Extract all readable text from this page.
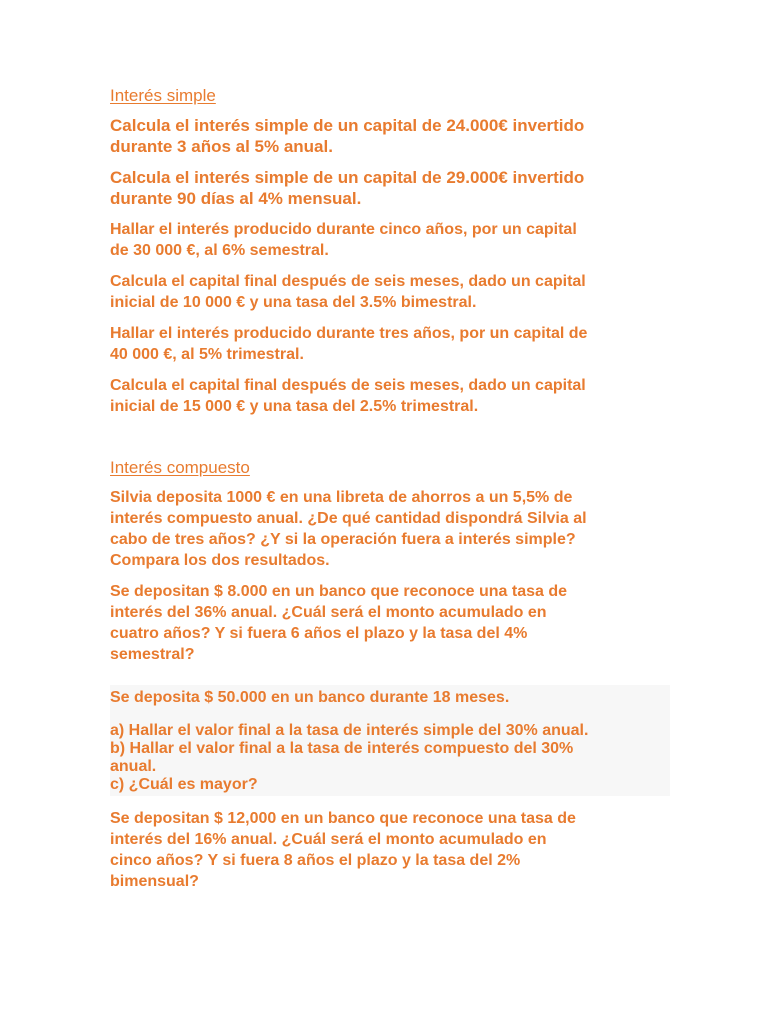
Interés simple
Calcula el interés simple de un capital de 24.000€ invertido
durante 3 años al 5% anual.
Calcula el interés simple de un capital de 29.000€ invertido
durante 90 días al 4% mensual.
Hallar el interés producido durante cinco años, por un capital
de 30 000 €, al 6% semestral.
Calcula el capital final después de seis meses, dado un capital
inicial de 10 000 € y una tasa del 3.5% bimestral.
Hallar el interés producido durante tres años, por un capital de
40 000 €, al 5% trimestral.
Calcula el capital final después de seis meses, dado un capital
inicial de 15 000 € y una tasa del 2.5% trimestral.
Interés compuesto
Silvia deposita 1000 € en una libreta de ahorros a un 5,5% de
interés compuesto anual. ¿De qué cantidad dispondrá Silvia al
cabo de tres años? ¿Y si la operación fuera a interés simple?
Compara los dos resultados.
Se depositan $ 8.000 en un banco que reconoce una tasa de
interés del 36% anual. ¿Cuál será el monto acumulado en
cuatro años? Y si fuera 6 años el plazo y la tasa del 4%
semestral?
Se deposita $ 50.000 en un banco durante 18 meses.
a) Hallar el valor final a la tasa de interés simple del 30% anual.
b) Hallar el valor final a la tasa de interés compuesto del 30%
anual.
c) ¿Cuál es mayor?
Se depositan $ 12,000 en un banco que reconoce una tasa de
interés del 16% anual. ¿Cuál será el monto acumulado en
cinco años? Y si fuera 8 años el plazo y la tasa del 2%
bimensual?
